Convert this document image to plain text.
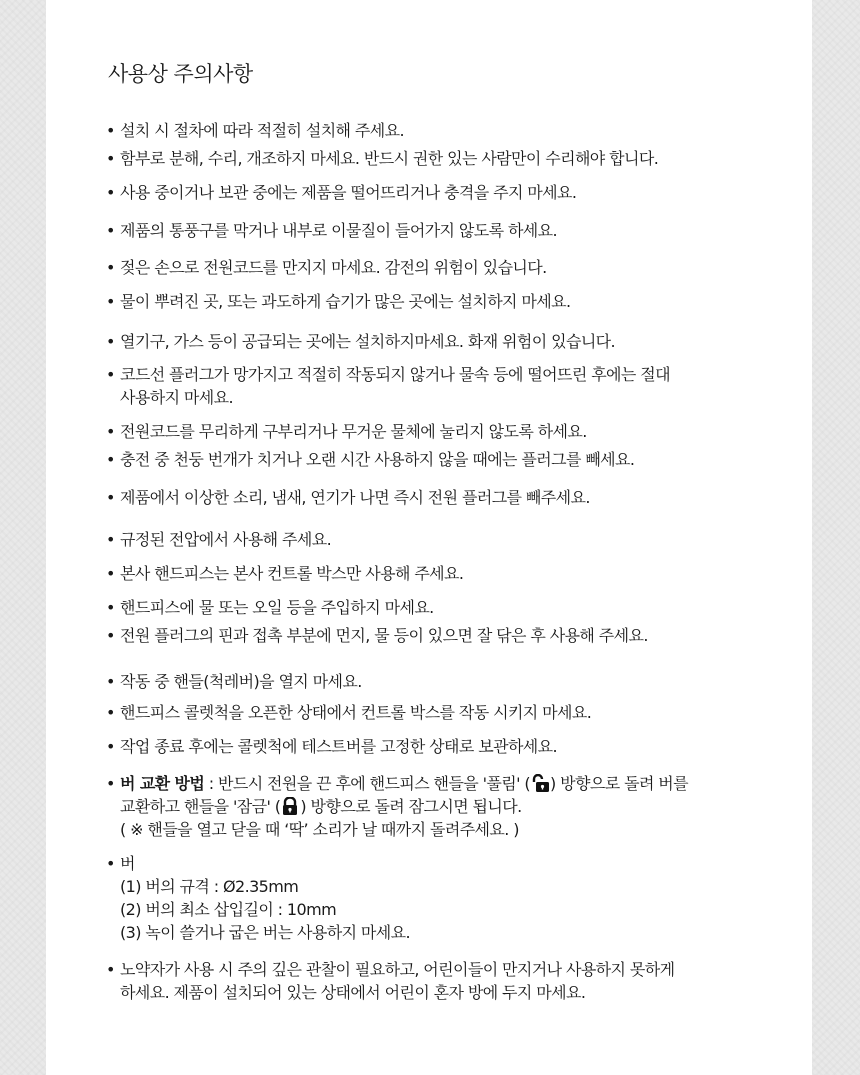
사용상 주의사항
• 설치 시 절차에 따라 적절히 설치해 주세요.
• 함부로 분해, 수리, 개조하지 마세요. 반드시 권한 있는 사람만이 수리해야 합니다.
• 사용 중이거나 보관 중에는 제품을 떨어뜨리거나 충격을 주지 마세요.
• 제품의 통풍구를 막거나 내부로 이물질이 들어가지 않도록 하세요.
• 젖은 손으로 전원코드를 만지지 마세요. 감전의 위험이 있습니다.
• 물이 뿌려진 곳, 또는 과도하게 습기가 많은 곳에는 설치하지 마세요.
• 열기구, 가스 등이 공급되는 곳에는 설치하지마세요. 화재 위험이 있습니다.
• 코드선 플러그가 망가지고 적절히 작동되지 않거나 물속 등에 떨어뜨린 후에는 절대
사용하지 마세요.
• 전원코드를 무리하게 구부리거나 무거운 물체에 눌리지 않도록 하세요.
• 충전 중 천둥 번개가 치거나 오랜 시간 사용하지 않을 때에는 플러그를 빼세요.
• 제품에서 이상한 소리, 냄새, 연기가 나면 즉시 전원 플러그를 빼주세요.
• 규정된 전압에서 사용해 주세요.
• 본사 핸드피스는 본사 컨트롤 박스만 사용해 주세요.
• 핸드피스에 물 또는 오일 등을 주입하지 마세요.
• 전원 플러그의 핀과 접촉 부분에 먼지, 물 등이 있으면 잘 닦은 후 사용해 주세요.
• 작동 중 핸들(척레버)을 열지 마세요.
• 핸드피스 콜렛척을 오픈한 상태에서 컨트롤 박스를 작동 시키지 마세요.
• 작업 종료 후에는 콜렛척에 테스트버를 고정한 상태로 보관하세요.
• 버 교환 방법 : 반드시 전원을 끈 후에 핸드피스 핸들을 '풀림' ( ) 방향으로 돌려 버를
교환하고 핸들을 '잠금' ( ) 방향으로 돌려 잠그시면 됩니다.
( ※ 핸들을 열고 닫을 때 ‘딱’ 소리가 날 때까지 돌려주세요. )
• 버
(1) 버의 규격 : Ø2.35mm
(2) 버의 최소 삽입길이 : 10mm
(3) 녹이 쓸거나 굽은 버는 사용하지 마세요.
• 노약자가 사용 시 주의 깊은 관찰이 필요하고, 어린이들이 만지거나 사용하지 못하게
하세요. 제품이 설치되어 있는 상태에서 어린이 혼자 방에 두지 마세요.
